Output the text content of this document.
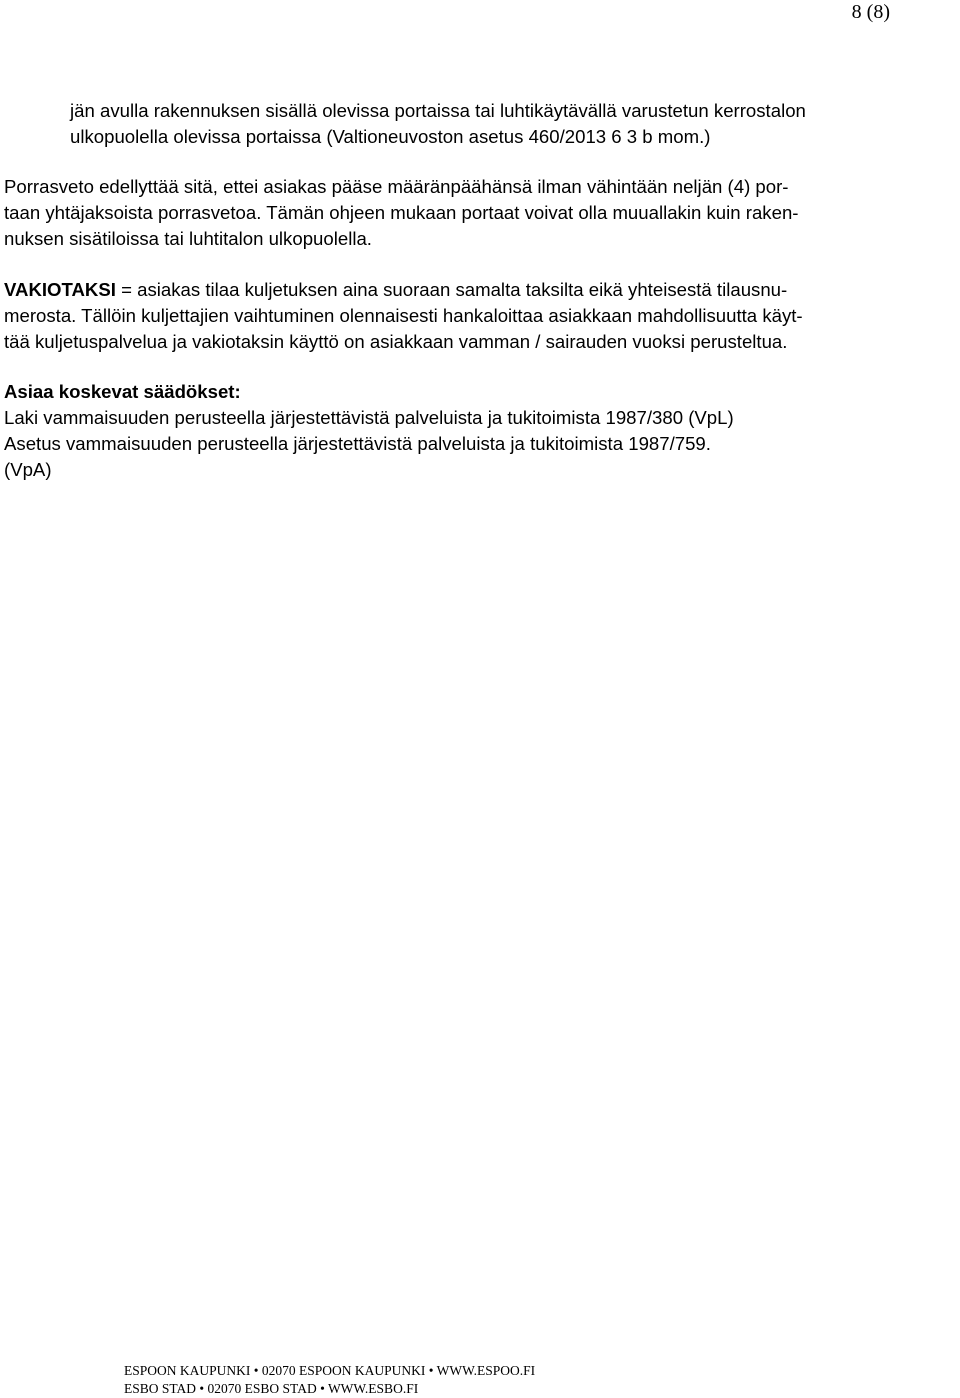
8 (8)
jän avulla rakennuksen sisällä olevissa portaissa tai luhtikäytävällä varustetun kerrostalon
ulkopuolella olevissa portaissa (Valtioneuvoston asetus 460/2013 6 3 b mom.)
Porrasveto edellyttää sitä, ettei asiakas pääse määränpäähänsä ilman vähintään neljän (4) por-
taan yhtäjaksoista porrasvetoa. Tämän ohjeen mukaan portaat voivat olla muuallakin kuin raken-
nuksen sisätiloissa tai luhtitalon ulkopuolella.
VAKIOTAKSI = asiakas tilaa kuljetuksen aina suoraan samalta taksilta eikä yhteisestä tilausnu-
merosta. Tällöin kuljettajien vaihtuminen olennaisesti hankaloittaa asiakkaan mahdollisuutta käyt-
tää kuljetuspalvelua ja vakiotaksin käyttö on asiakkaan vamman / sairauden vuoksi perusteltua.
Asiaa koskevat säädökset:
Laki vammaisuuden perusteella järjestettävistä palveluista ja tukitoimista 1987/380 (VpL)
Asetus vammaisuuden perusteella järjestettävistä palveluista ja tukitoimista 1987/759.
(VpA)
ESPOON KAUPUNKI • 02070 ESPOON KAUPUNKI • WWW.ESPOO.FI
ESBO STAD • 02070 ESBO STAD • WWW.ESBO.FI
